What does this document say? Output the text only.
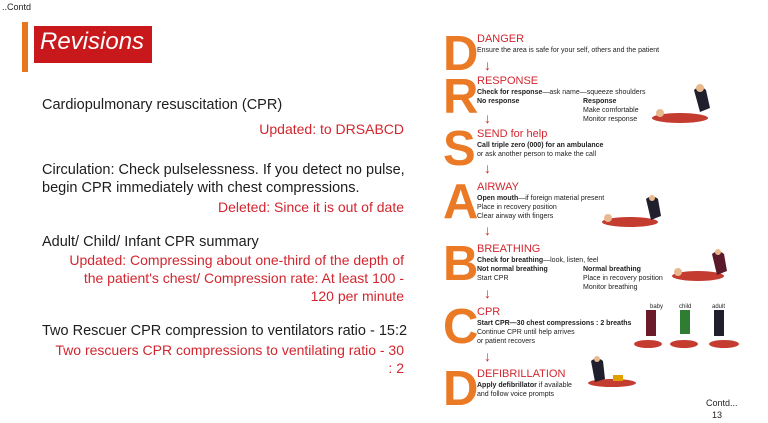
..Contd
Revisions
Cardiopulmonary resuscitation (CPR)
Updated: to DRSABCD
Circulation: Check pulselessness. If you detect no pulse,
begin CPR immediately with chest compressions.
Deleted: Since it is out of date
Adult/ Child/ Infant CPR summary
Updated: Compressing about one-third of the depth of
the patient's chest/ Compression rate: At least 100 -
120 per minute
Two Rescuer CPR compression to ventilators ratio - 15:2
Two rescuers CPR compressions to ventilating ratio - 30
: 2
D
DANGER
Ensure the area is safe for your self, others and the patient
↓
R
RESPONSE
Check for response—ask name—squeeze shoulders
No response	Response
Make comfortable
Monitor response
↓
S SEND for help
Call triple zero (000) for an ambulance
or ask another person to make the call
↓
A
AIRWAY
Open mouth—if foreign material present
Place in recovery position
Clear airway with fingers
↓
B
BREATHING
Check for breathing—look, listen, feel
Not normal breathing
Start CPR
Normal breathing
Place in recovery position
Monitor breathing
↓
C
CPR
Start CPR—30 chest compressions : 2 breaths
Continue CPR until help arrives
or patient recovers
baby	child	adult
↓
D
DEFIBRILLATION
Apply defibrillator if available
and follow voice prompts
Contd...
13
